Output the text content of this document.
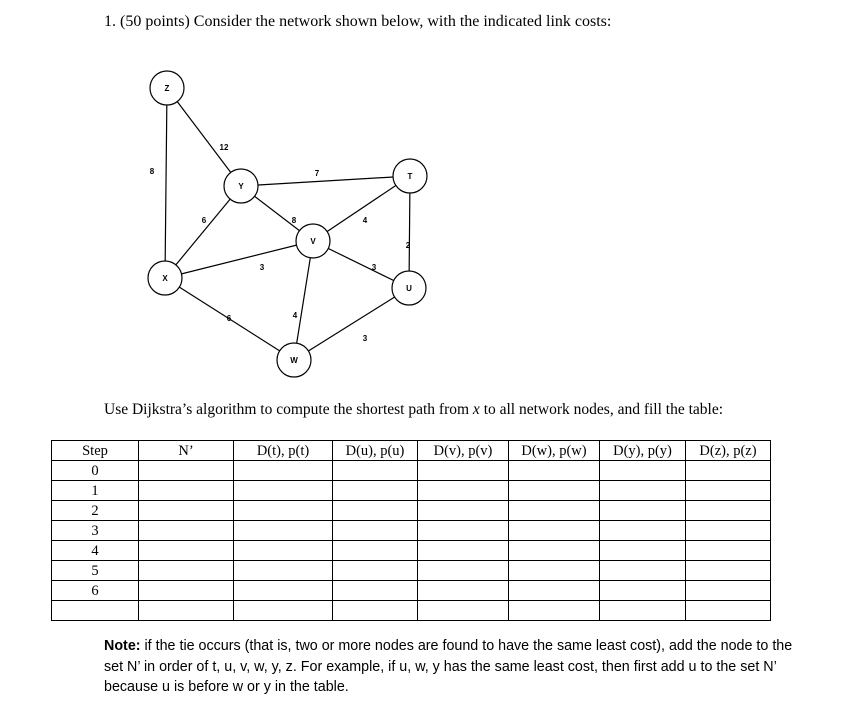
1. (50 points) Consider the network shown below, with the indicated link costs:
12
8	7
6	8	4
2
3	3
6	4
3
Z
Y
T
V
X
U
W
Use Dijkstra’s algorithm to compute the shortest path from x to all network nodes, and fill the table:
Step	N’	D(t), p(t)	D(u), p(u)	D(v), p(v)	D(w), p(w)	D(y), p(y)	D(z), p(z)
0							
1							
2							
3							
4							
5							
6							

Note: if the tie occurs (that is, two or more nodes are found to have the same least cost), add the node to the set N’ in order of t, u, v, w, y, z. For example, if u, w, y has the same least cost, then first add u to the set N’ because u is before w or y in the table.
